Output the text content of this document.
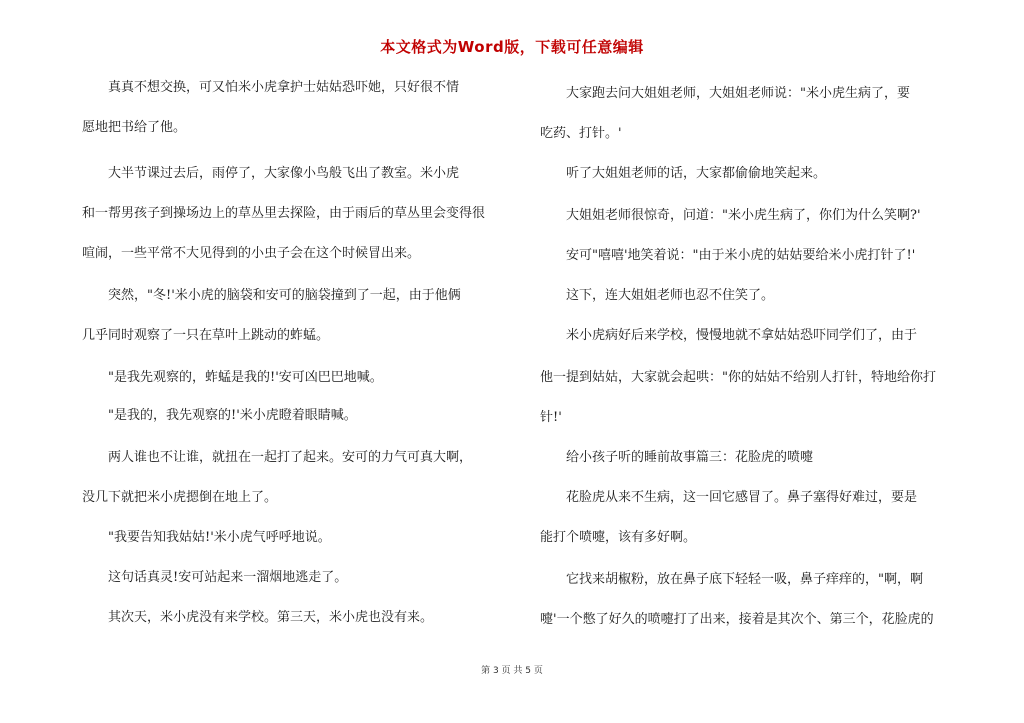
本文格式为Word版，下载可任意编辑
　　真真不想交换，可又怕米小虎拿护士姑姑恐吓她，只好很不情
愿地把书给了他。
　　大半节课过去后，雨停了，大家像小鸟般飞出了教室。米小虎
和一帮男孩子到操场边上的草丛里去探险，由于雨后的草丛里会变得很
喧闹，一些平常不大见得到的小虫子会在这个时候冒出来。
　　突然，"冬!'米小虎的脑袋和安可的脑袋撞到了一起，由于他俩
几乎同时观察了一只在草叶上跳动的蚱蜢。
　　"是我先观察的，蚱蜢是我的!'安可凶巴巴地喊。
　　"是我的，我先观察的!'米小虎瞪着眼睛喊。
　　两人谁也不让谁，就扭在一起打了起来。安可的力气可真大啊，
没几下就把米小虎摁倒在地上了。
　　"我要告知我姑姑!'米小虎气呼呼地说。
　　这句话真灵!安可站起来一溜烟地逃走了。
　　其次天，米小虎没有来学校。第三天，米小虎也没有来。
　　大家跑去问大姐姐老师，大姐姐老师说："米小虎生病了，要
吃药、打针。'
　　听了大姐姐老师的话，大家都偷偷地笑起来。
　　大姐姐老师很惊奇，问道："米小虎生病了，你们为什么笑啊?'
　　安可"嘻嘻'地笑着说："由于米小虎的姑姑要给米小虎打针了!'
　　这下，连大姐姐老师也忍不住笑了。
　　米小虎病好后来学校，慢慢地就不拿姑姑恐吓同学们了，由于
他一提到姑姑，大家就会起哄："你的姑姑不给别人打针，特地给你打
针!'
　　给小孩子听的睡前故事篇三：花脸虎的喷嚏
　　花脸虎从来不生病，这一回它感冒了。鼻子塞得好难过，要是
能打个喷嚏，该有多好啊。
　　它找来胡椒粉，放在鼻子底下轻轻一吸，鼻子痒痒的，"啊，啊
嚏'一个憋了好久的喷嚏打了出来，接着是其次个、第三个，花脸虎的
第 3 页 共 5 页
